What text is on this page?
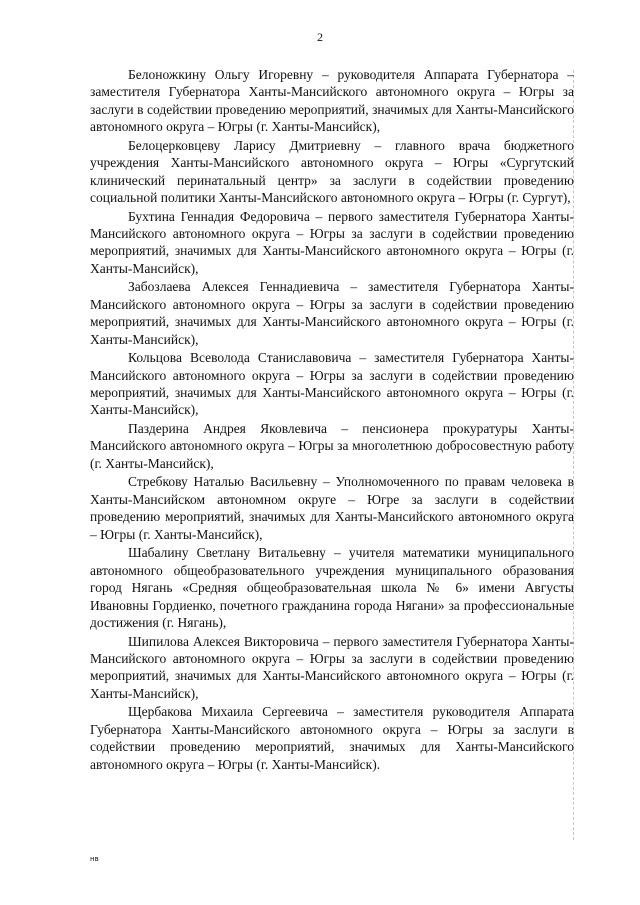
2

Белоножкину Ольгу Игоревну – руководителя Аппарата Губернатора – заместителя Губернатора Ханты-Мансийского автономного округа – Югры за заслуги в содействии проведению мероприятий, значимых для Ханты-Мансийского автономного округа – Югры (г. Ханты-Мансийск),

Белоцерковцеву Ларису Дмитриевну – главного врача бюджетного учреждения Ханты-Мансийского автономного округа – Югры «Сургутский клинический перинатальный центр» за заслуги в содействии проведению социальной политики Ханты-Мансийского автономного округа – Югры (г. Сургут),

Бухтина Геннадия Федоровича – первого заместителя Губернатора Ханты-Мансийского автономного округа – Югры за заслуги в содействии проведению мероприятий, значимых для Ханты-Мансийского автономного округа – Югры (г. Ханты-Мансийск),

Забозлаева Алексея Геннадиевича – заместителя Губернатора Ханты-Мансийского автономного округа – Югры за заслуги в содействии проведению мероприятий, значимых для Ханты-Мансийского автономного округа – Югры (г. Ханты-Мансийск),

Кольцова Всеволода Станиславовича – заместителя Губернатора Ханты-Мансийского автономного округа – Югры за заслуги в содействии проведению мероприятий, значимых для Ханты-Мансийского автономного округа – Югры (г. Ханты-Мансийск),

Паздерина Андрея Яковлевича – пенсионера прокуратуры Ханты-Мансийского автономного округа – Югры за многолетнюю добросовестную работу (г. Ханты-Мансийск),

Стребкову Наталью Васильевну – Уполномоченного по правам человека в Ханты-Мансийском автономном округе – Югре за заслуги в содействии проведению мероприятий, значимых для Ханты-Мансийского автономного округа – Югры (г. Ханты-Мансийск),

Шабалину Светлану Витальевну – учителя математики муниципального автономного общеобразовательного учреждения муниципального образования город Нягань «Средняя общеобразовательная школа № 6» имени Августы Ивановны Гордиенко, почетного гражданина города Нягани» за профессиональные достижения (г. Нягань),

Шипилова Алексея Викторовича – первого заместителя Губернатора Ханты-Мансийского автономного округа – Югры за заслуги в содействии проведению мероприятий, значимых для Ханты-Мансийского автономного округа – Югры (г. Ханты-Мансийск),

Щербакова Михаила Сергеевича – заместителя руководителя Аппарата Губернатора Ханты-Мансийского автономного округа – Югры за заслуги в содействии проведению мероприятий, значимых для Ханты-Мансийского автономного округа – Югры (г. Ханты-Мансийск).

нв
